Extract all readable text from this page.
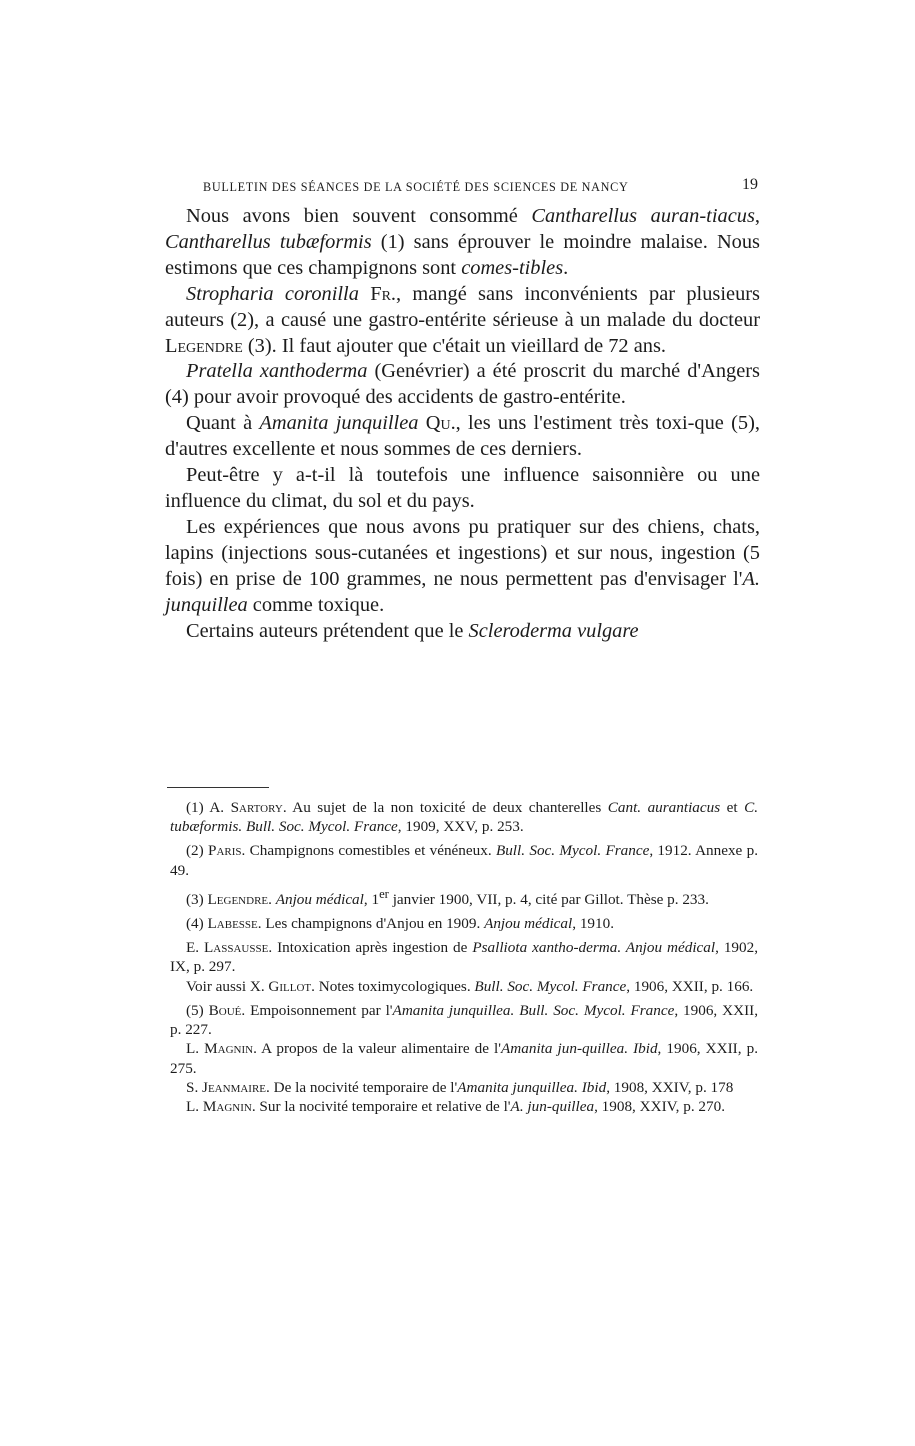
BULLETIN DES SÉANCES DE LA SOCIÉTÉ DES SCIENCES DE NANCY	19

Nous avons bien souvent consommé Cantharellus auran-tiacus, Cantharellus tubæformis (1) sans éprouver le moindre malaise. Nous estimons que ces champignons sont comes-tibles.

Stropharia coronilla Fr., mangé sans inconvénients par plusieurs auteurs (2), a causé une gastro-entérite sérieuse à un malade du docteur Legendre (3). Il faut ajouter que c'était un vieillard de 72 ans.

Pratella xanthoderma (Genévrier) a été proscrit du marché d'Angers (4) pour avoir provoqué des accidents de gastro-entérite.

Quant à Amanita junquillea Qu., les uns l'estiment très toxi-que (5), d'autres excellente et nous sommes de ces derniers.

Peut-être y a-t-il là toutefois une influence saisonnière ou une influence du climat, du sol et du pays.

Les expériences que nous avons pu pratiquer sur des chiens, chats, lapins (injections sous-cutanées et ingestions) et sur nous, ingestion (5 fois) en prise de 100 grammes, ne nous permettent pas d'envisager l'A. junquillea comme toxique.

Certains auteurs prétendent que le Scleroderma vulgare

(1) A. Sartory. Au sujet de la non toxicité de deux chanterelles Cant. aurantiacus et C. tubæformis. Bull. Soc. Mycol. France, 1909, XXV, p. 253.

(2) Paris. Champignons comestibles et vénéneux. Bull. Soc. Mycol. France, 1912. Annexe p. 49.

(3) Legendre. Anjou médical, 1er janvier 1900, VII, p. 4, cité par Gillot. Thèse p. 233.

(4) Labesse. Les champignons d'Anjou en 1909. Anjou médical, 1910.

E. Lassausse. Intoxication après ingestion de Psalliota xantho-derma. Anjou médical, 1902, IX, p. 297.

Voir aussi X. Gillot. Notes toximycologiques. Bull. Soc. Mycol. France, 1906, XXII, p. 166.

(5) Boué. Empoisonnement par l'Amanita junquillea. Bull. Soc. Mycol. France, 1906, XXII, p. 227.

L. Magnin. A propos de la valeur alimentaire de l'Amanita jun-quillea. Ibid, 1906, XXII, p. 275.

S. Jeanmaire. De la nocivité temporaire de l'Amanita junquillea. Ibid, 1908, XXIV, p. 178

L. Magnin. Sur la nocivité temporaire et relative de l'A. jun-quillea, 1908, XXIV, p. 270.
